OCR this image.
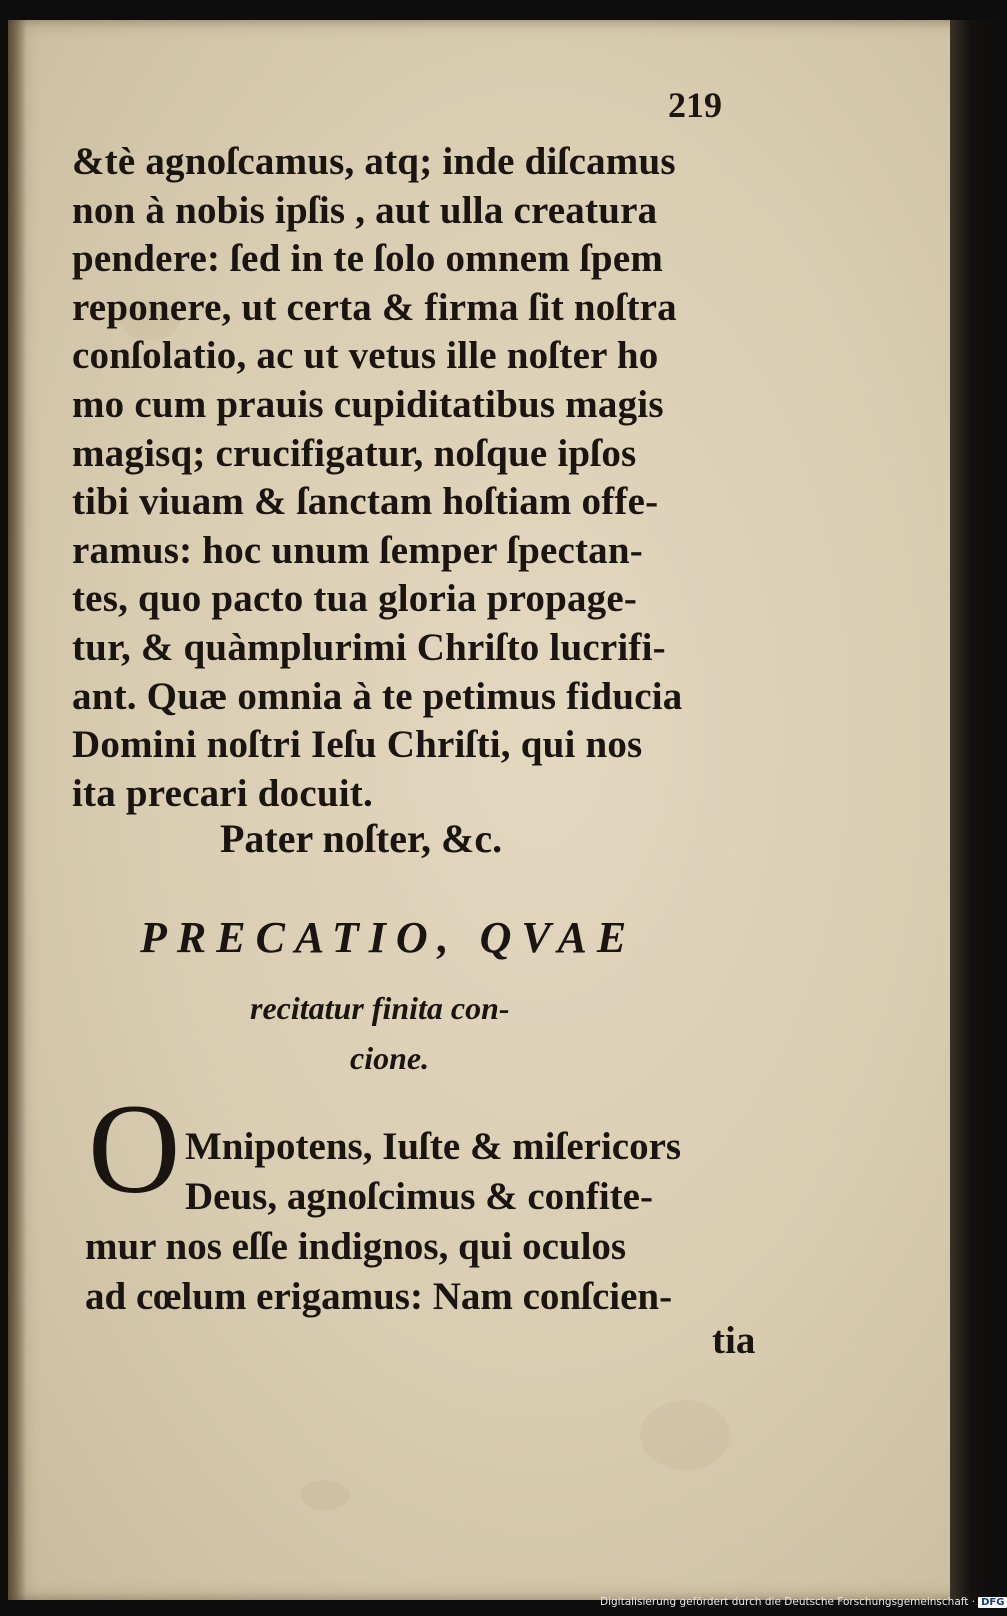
219
&tè agnoſcamus, atq; inde diſcamus
non à nobis ipſis , aut ulla creatura
pendere: ſed in te ſolo omnem ſpem
reponere, ut certa & firma ſit noſtra
conſolatio, ac ut vetus ille noſter ho
mo cum prauis cupiditatibus magis
magisq; crucifigatur, noſque ipſos
tibi viuam & ſanctam hoſtiam offe-
ramus: hoc unum ſemper ſpectan-
tes, quo pacto tua gloria propage-
tur, & quàmplurimi Chriſto lucrifi-
ant. Quæ omnia à te petimus fiducia
Domini noſtri Ieſu Chriſti, qui nos
ita precari docuit.
Pater noſter, &c.
PRECATIO, QVAE
recitatur finita con-
cione.
O Mnipotens, Iuſte & miſericors
Deus, agnoſcimus & confite-
mur nos eſſe indignos, qui oculos
ad cœlum erigamus: Nam conſcien-
tia
Digitalisierung gefördert durch die Deutsche Forschungsgemeinschaft · DFG
